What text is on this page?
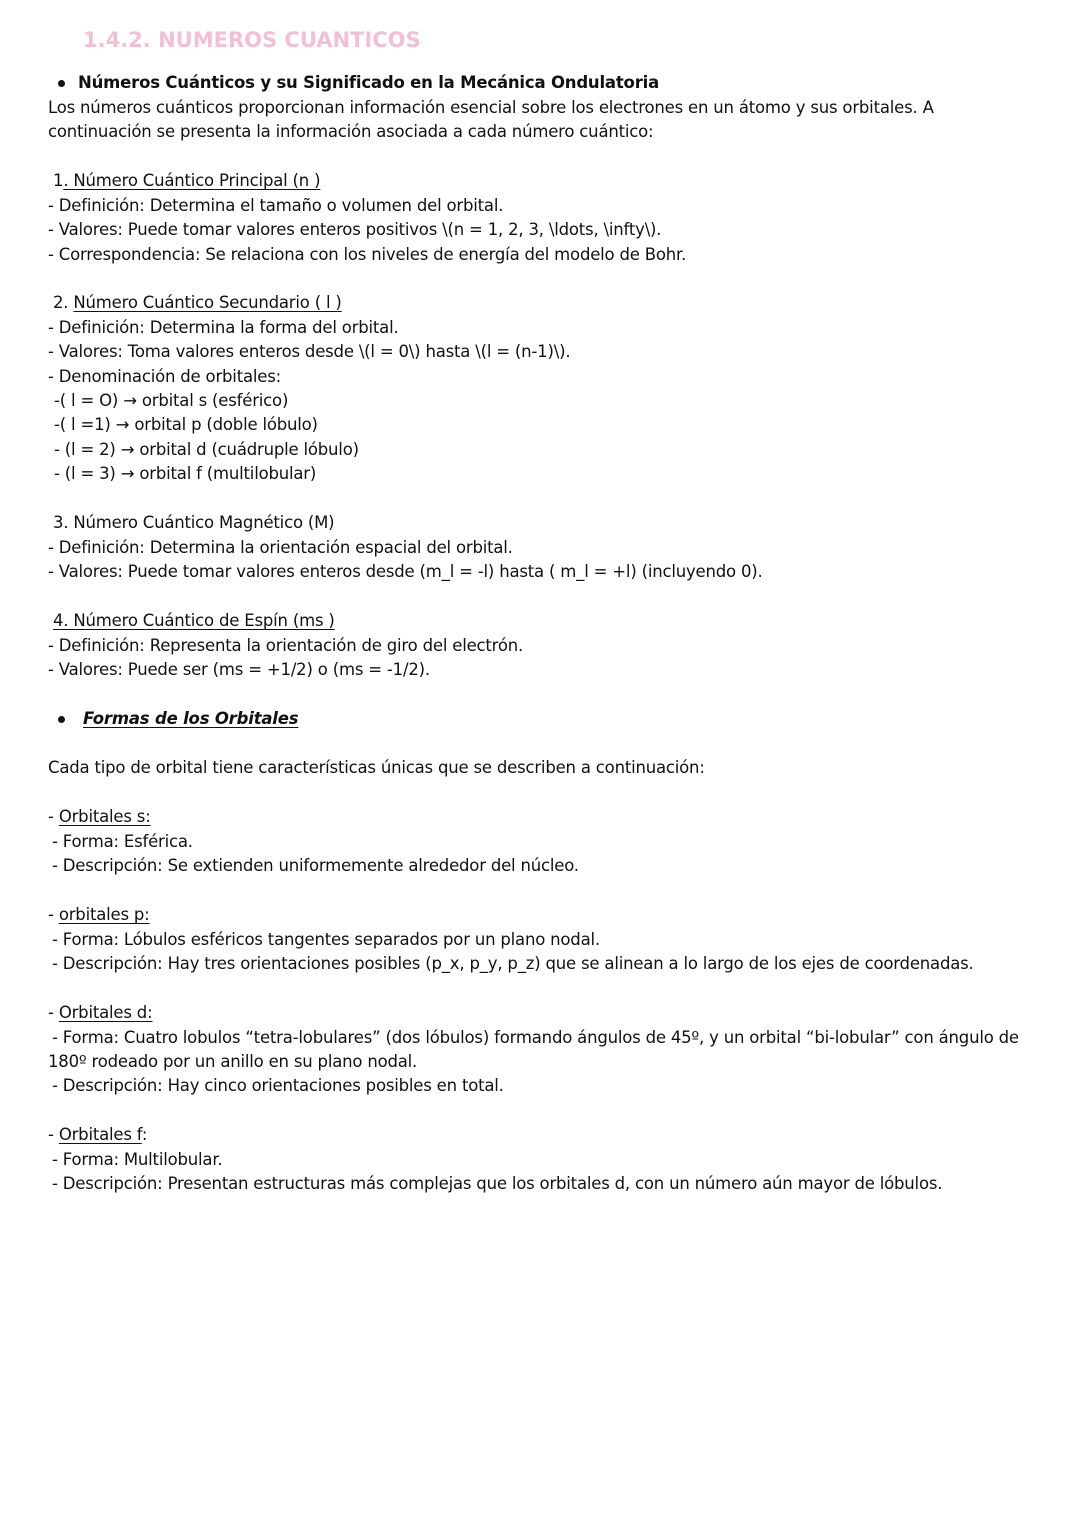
1.4.2. NUMEROS CUANTICOS
Números Cuánticos y su Significado en la Mecánica Ondulatoria
Los números cuánticos proporcionan información esencial sobre los electrones en un átomo y sus orbitales. A
continuación se presenta la información asociada a cada número cuántico:
1. Número Cuántico Principal (n )
- Definición: Determina el tamaño o volumen del orbital.
- Valores: Puede tomar valores enteros positivos \(n = 1, 2, 3, \ldots, \infty\).
- Correspondencia: Se relaciona con los niveles de energía del modelo de Bohr.
2. Número Cuántico Secundario ( l )
- Definición: Determina la forma del orbital.
- Valores: Toma valores enteros desde \(l = 0\) hasta \(l = (n-1)\).
- Denominación de orbitales:
-( l = O) → orbital s (esférico)
-( l =1) → orbital p (doble lóbulo)
- (l = 2) → orbital d (cuádruple lóbulo)
- (l = 3) → orbital f (multilobular)
3. Número Cuántico Magnético (M)
- Definición: Determina la orientación espacial del orbital.
- Valores: Puede tomar valores enteros desde (m_l = -l) hasta ( m_l = +l) (incluyendo 0).
4. Número Cuántico de Espín (ms )
- Definición: Representa la orientación de giro del electrón.
- Valores: Puede ser (ms = +1/2) o (ms = -1/2).
Formas de los Orbitales
Cada tipo de orbital tiene características únicas que se describen a continuación:
- Orbitales s:
- Forma: Esférica.
- Descripción: Se extienden uniformemente alrededor del núcleo.
- orbitales p:
- Forma: Lóbulos esféricos tangentes separados por un plano nodal.
- Descripción: Hay tres orientaciones posibles (p_x, p_y, p_z) que se alinean a lo largo de los ejes de coordenadas.
- Orbitales d:
- Forma: Cuatro lobulos “tetra-lobulares” (dos lóbulos) formando ángulos de 45º, y un orbital “bi-lobular” con ángulo de
180º rodeado por un anillo en su plano nodal.
- Descripción: Hay cinco orientaciones posibles en total.
- Orbitales f:
- Forma: Multilobular.
- Descripción: Presentan estructuras más complejas que los orbitales d, con un número aún mayor de lóbulos.
